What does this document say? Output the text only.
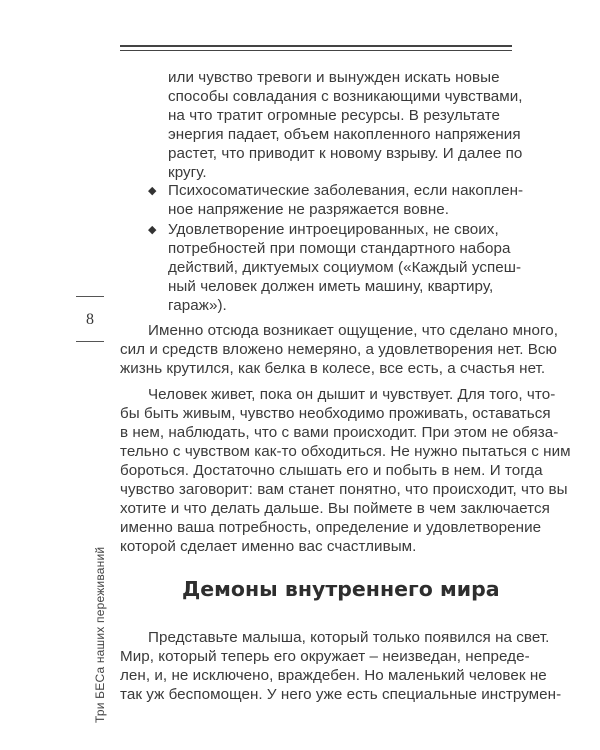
8
Три БЕСа наших переживаний
или чувство тревоги и вынужден искать новые
способы совладания с возникающими чувствами,
на что тратит огромные ресурсы. В результате
энергия падает, объем накопленного напряжения
растет, что приводит к новому взрыву. И далее по
кругу.
◆ Психосоматические заболевания, если накоплен-
ное напряжение не разряжается вовне.
◆ Удовлетворение интроецированных, не своих,
потребностей при помощи стандартного набора
действий, диктуемых социумом («Каждый успеш-
ный человек должен иметь машину, квартиру,
гараж»).
Именно отсюда возникает ощущение, что сделано много,
сил и средств вложено немеряно, а удовлетворения нет. Всю
жизнь крутился, как белка в колесе, все есть, а счастья нет.
Человек живет, пока он дышит и чувствует. Для того, что-
бы быть живым, чувство необходимо проживать, оставаться
в нем, наблюдать, что с вами происходит. При этом не обяза-
тельно с чувством как-то обходиться. Не нужно пытаться с ним
бороться. Достаточно слышать его и побыть в нем. И тогда
чувство заговорит: вам станет понятно, что происходит, что вы
хотите и что делать дальше. Вы поймете в чем заключается
именно ваша потребность, определение и удовлетворение
которой сделает именно вас счастливым.
Демоны внутреннего мира
Представьте малыша, который только появился на свет.
Мир, который теперь его окружает – неизведан, непреде-
лен, и, не исключено, враждебен. Но маленький человек не
так уж беспомощен. У него уже есть специальные инструмен-
